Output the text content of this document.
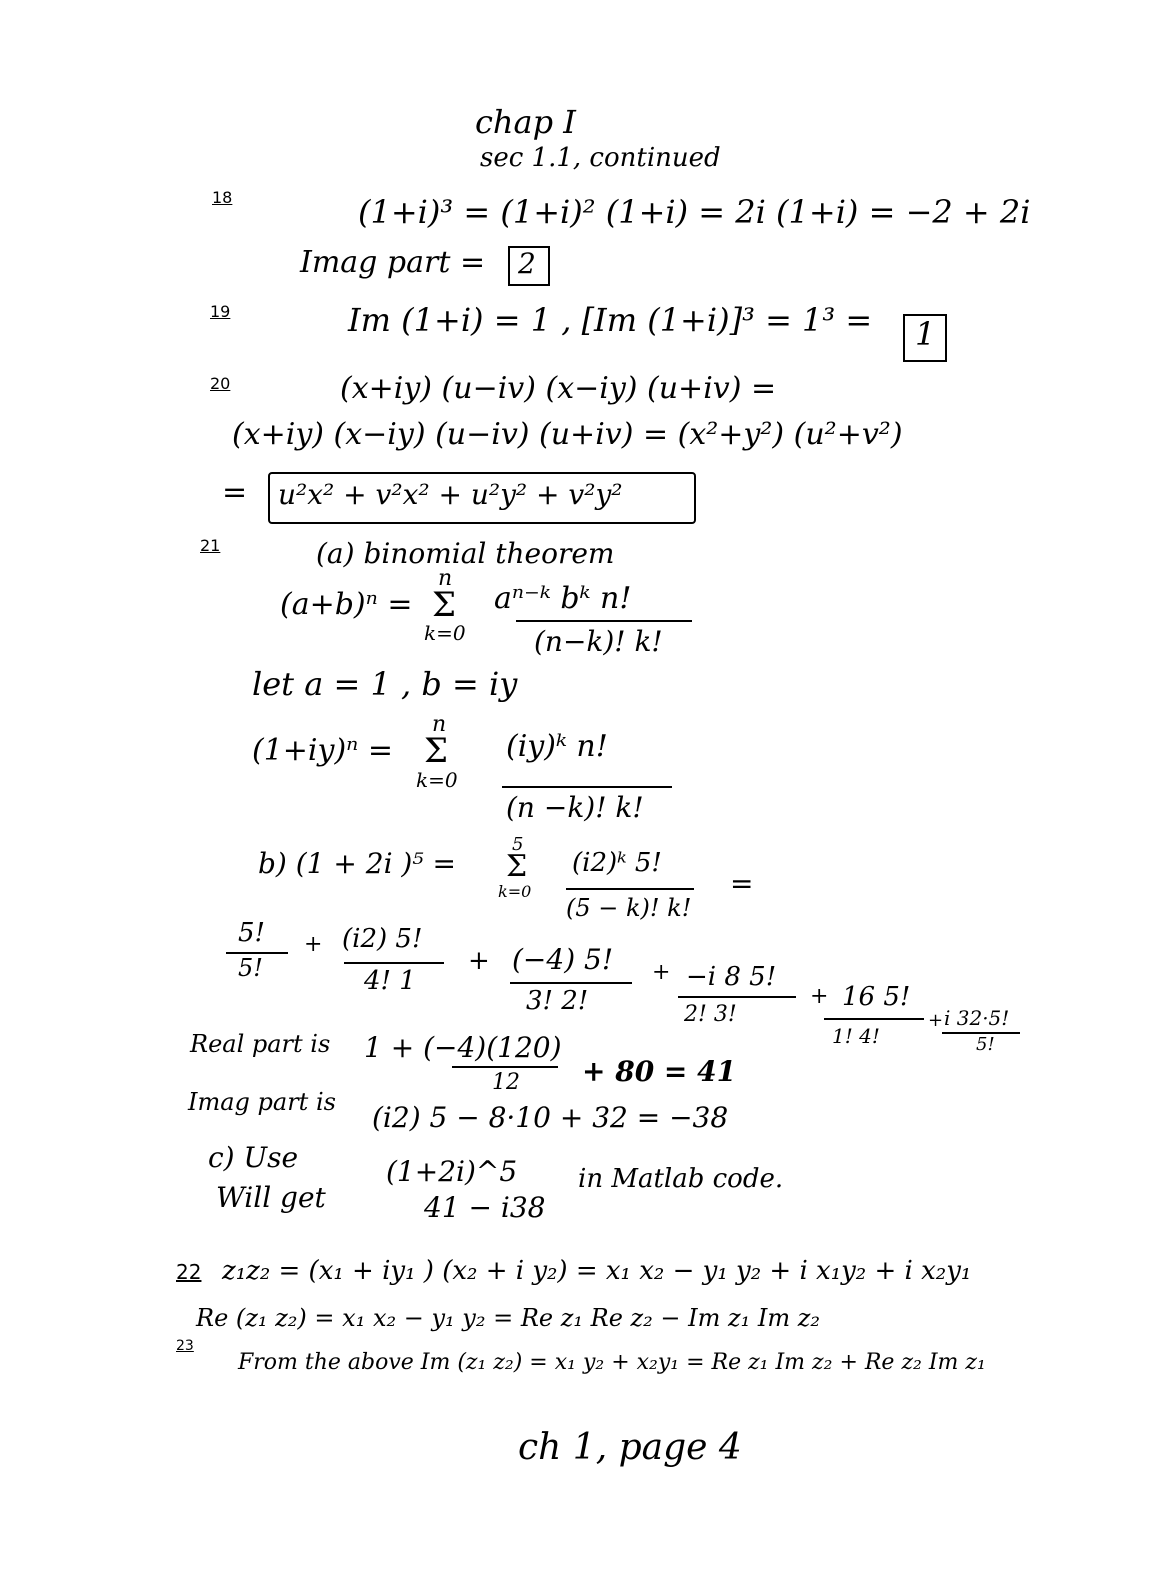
chap I
sec 1.1, continued
18	(1+i)³ = (1+i)² (1+i) = 2i (1+i) = −2 + 2i
Imag part = 2
19	Im (1+i) = 1 , [Im (1+i)]³ = 1³ = 1
20	(x+iy) (u−iv) (x−iy) (u+iv) =
(x+iy) (x−iy) (u−iv) (u+iv) = (x²+y²) (u²+v²)
= u²x² + v²x² + u²y² + v²y²
21	(a) binomial theorem
(a+b)ⁿ =
n
Σ
k=0
aⁿ⁻ᵏ bᵏ n!
(n−k)! k!
let a = 1 , b = iy
(1+iy)ⁿ =
n
Σ
k=0
(iy)ᵏ n!
(n −k)! k!
b) (1 + 2i )⁵ =
5
Σ
k=0
(i2)ᵏ 5!
(5 − k)! k!
=
5!
5!
+ (i2) 5!
4! 1
+ (−4) 5!
3! 2!
+ −i 8 5!
2! 3!
+ 16 5!
1! 4!
+ i 32·5!
5!
Real part is 1 + (−4)(120)
12 + 80 = 41
Imag part is (i2) 5 − 8·10 + 32 = −38
c) Use	(1+2i)^5 in Matlab code.
Will get	41 − i38
22 z₁z₂ = (x₁ + iy₁ ) (x₂ + i y₂) = x₁ x₂ − y₁ y₂ + i x₁y₂ + i x₂y₁
Re (z₁ z₂) = x₁ x₂ − y₁ y₂ = Re z₁ Re z₂ − Im z₁ Im z₂
23
From the above Im (z₁ z₂) = x₁ y₂ + x₂y₁ = Re z₁ Im z₂ + Re z₂ Im z₁
ch 1, page 4
